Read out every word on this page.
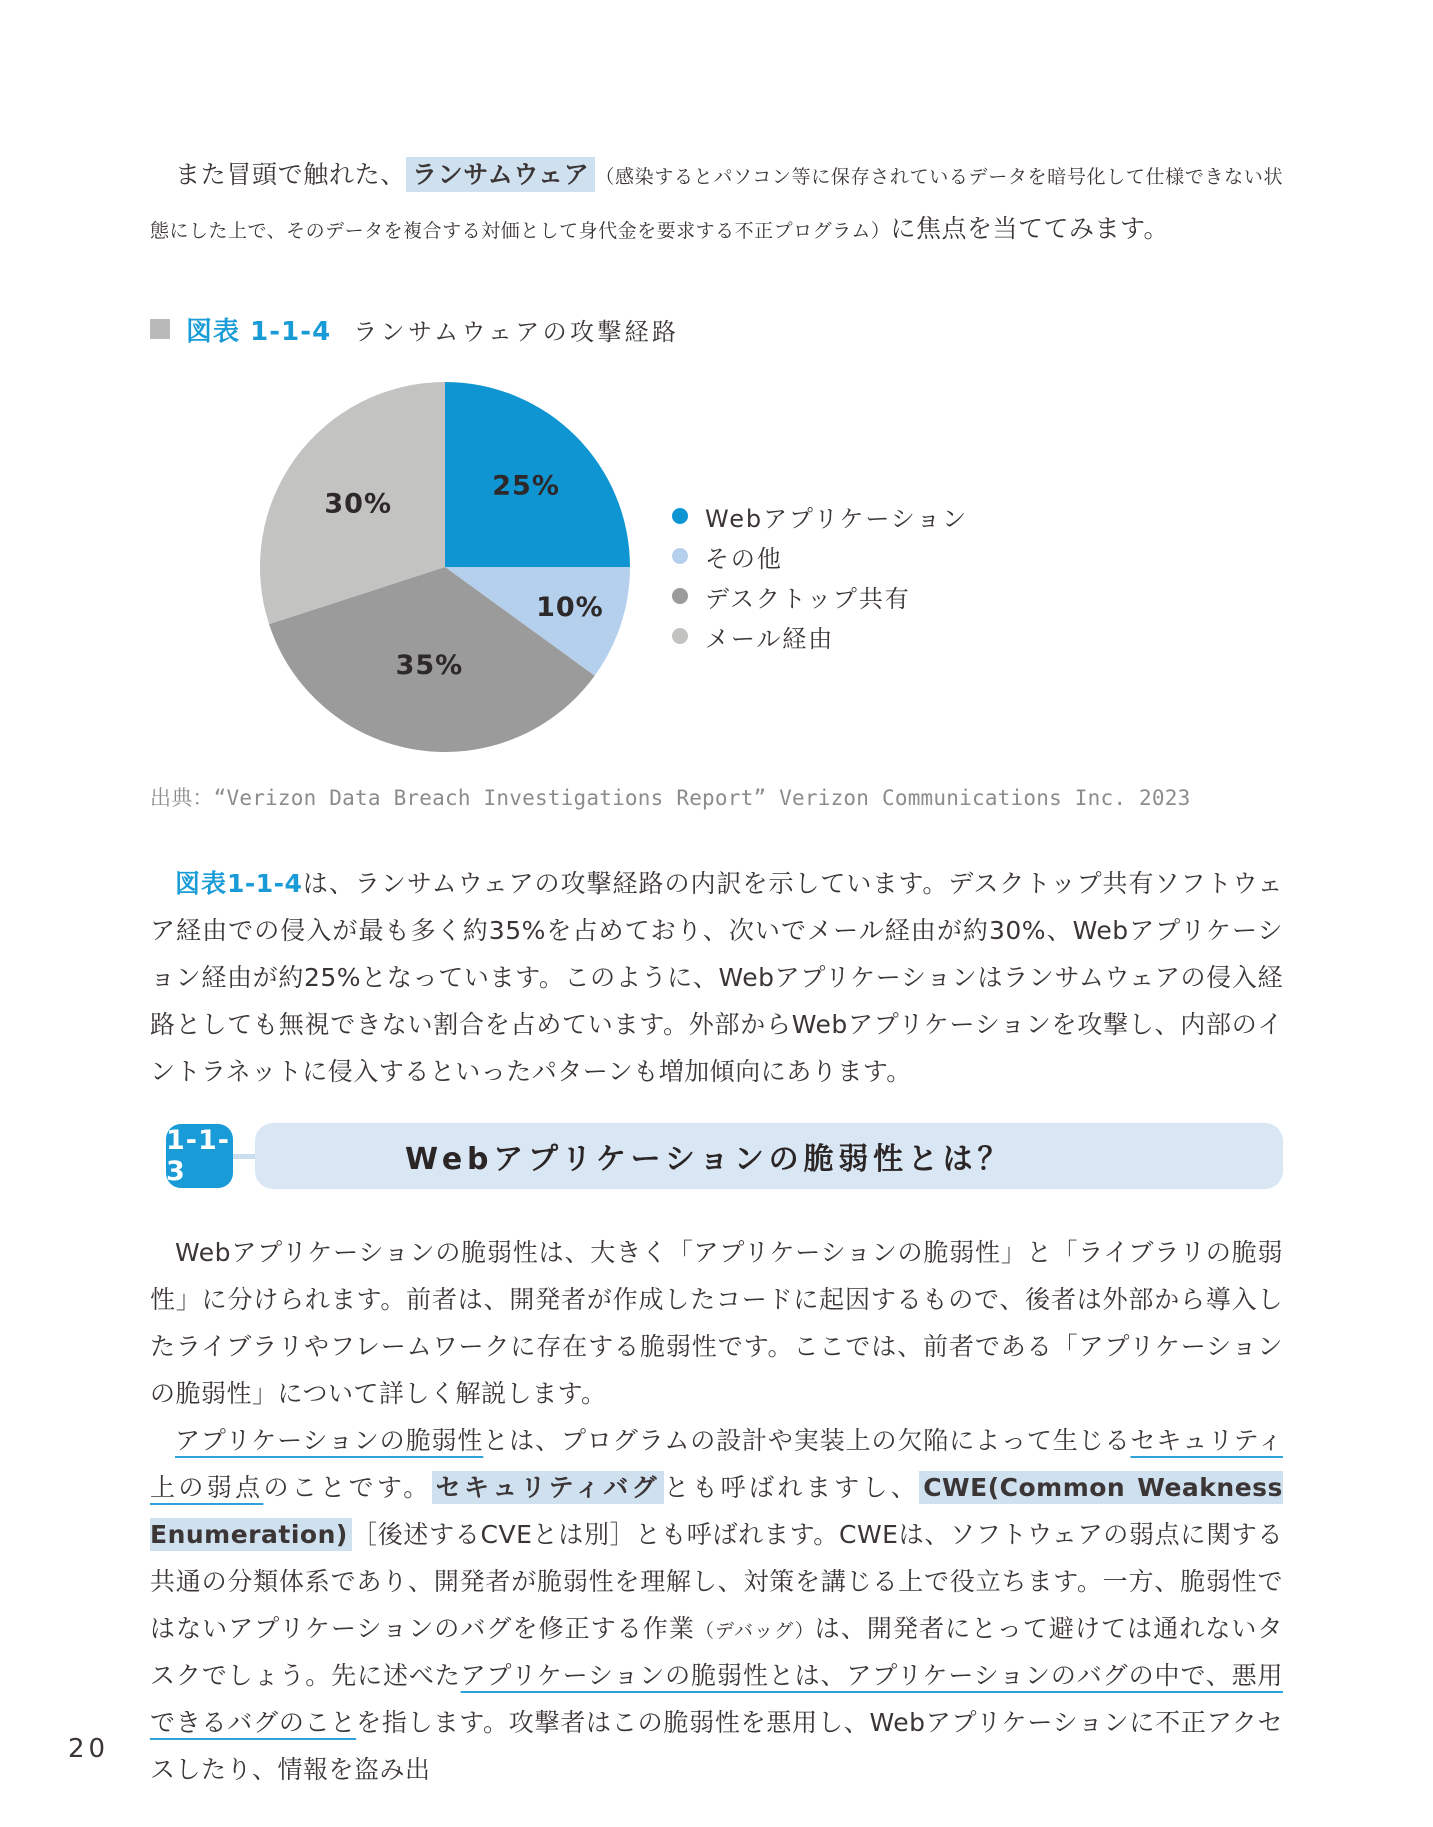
また冒頭で触れた、 ランサムウェア （感染するとパソコン等に保存されているデータを暗号化して仕様できない状態にした上で、そのデータを複合する対価として身代金を要求する不正プログラム）に焦点を当ててみます。

図表 1-1-4 ランサムウェアの攻撃経路
25%
10%
35%
30%	Webアプリケーション
その他
デスクトップ共有
メール経由

出典：“Verizon Data Breach Investigations Report” Verizon Communications Inc. 2023

図表1-1-4は、ランサムウェアの攻撃経路の内訳を示しています。デスクトップ共有ソフトウェア経由での侵入が最も多く約35%を占めており、次いでメール経由が約30%、Webアプリケーション経由が約25%となっています。このように、Webアプリケーションはランサムウェアの侵入経路としても無視できない割合を占めています。外部からWebアプリケーションを攻撃し、内部のイントラネットに侵入するといったパターンも増加傾向にあります。

1-1-3	Webアプリケーションの脆弱性とは？

Webアプリケーションの脆弱性は、大きく「アプリケーションの脆弱性」と「ライブラリの脆弱性」に分けられます。前者は、開発者が作成したコードに起因するもので、後者は外部から導入したライブラリやフレームワークに存在する脆弱性です。ここでは、前者である「アプリケーションの脆弱性」について詳しく解説します。

アプリケーションの脆弱性とは、プログラムの設計や実装上の欠陥によって生じるセキュリティ上の弱点のことです。 セキュリティバグ とも呼ばれますし、 CWE(Common Weakness Enumeration) ［後述するCVEとは別］とも呼ばれます。CWEは、ソフトウェアの弱点に関する共通の分類体系であり、開発者が脆弱性を理解し、対策を講じる上で役立ちます。一方、脆弱性ではないアプリケーションのバグを修正する作業（デバッグ）は、開発者にとって避けては通れないタスクでしょう。先に述べたアプリケーションの脆弱性とは、アプリケーションのバグの中で、悪用できるバグのことを指します。攻撃者はこの脆弱性を悪用し、Webアプリケーションに不正アクセスしたり、情報を盗み出

20
